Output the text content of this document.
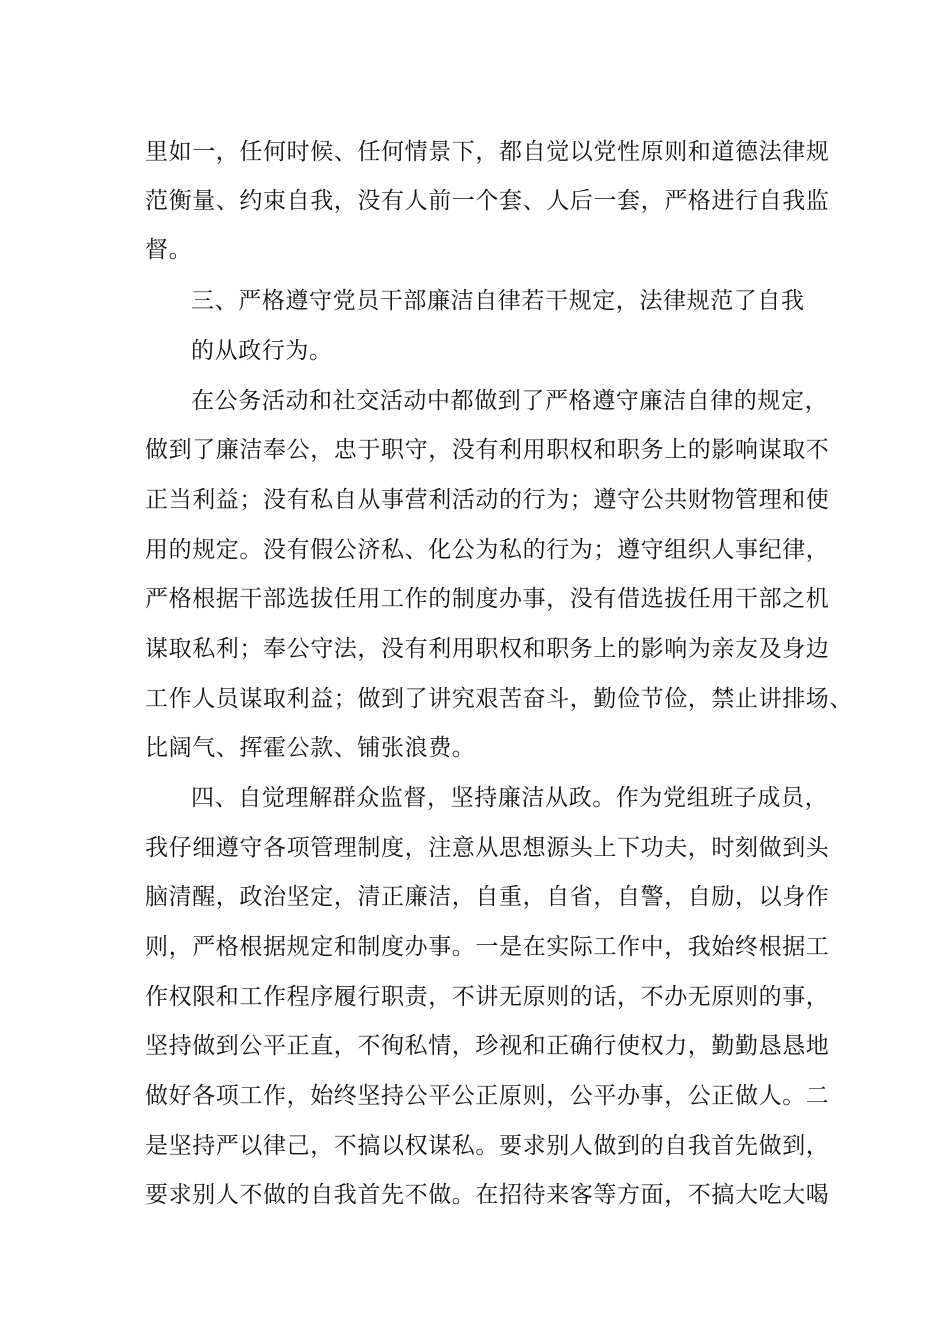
里如一，任何时候、任何情景下，都自觉以党性原则和道德法律规

范衡量、约束自我，没有人前一个套、人后一套，严格进行自我监

督。

三、严格遵守党员干部廉洁自律若干规定，法律规范了自我

的从政行为。

在公务活动和社交活动中都做到了严格遵守廉洁自律的规定，

做到了廉洁奉公，忠于职守，没有利用职权和职务上的影响谋取不

正当利益；没有私自从事营利活动的行为；遵守公共财物管理和使

用的规定。没有假公济私、化公为私的行为；遵守组织人事纪律，

严格根据干部选拔任用工作的制度办事，没有借选拔任用干部之机

谋取私利；奉公守法，没有利用职权和职务上的影响为亲友及身边

工作人员谋取利益；做到了讲究艰苦奋斗，勤俭节俭，禁止讲排场、

比阔气、挥霍公款、铺张浪费。

四、自觉理解群众监督，坚持廉洁从政。作为党组班子成员，

我仔细遵守各项管理制度，注意从思想源头上下功夫，时刻做到头

脑清醒，政治坚定，清正廉洁，自重，自省，自警，自励，以身作

则，严格根据规定和制度办事。一是在实际工作中，我始终根据工

作权限和工作程序履行职责，不讲无原则的话，不办无原则的事，

坚持做到公平正直，不徇私情，珍视和正确行使权力，勤勤恳恳地

做好各项工作，始终坚持公平公正原则，公平办事，公正做人。二

是坚持严以律己，不搞以权谋私。要求别人做到的自我首先做到，

要求别人不做的自我首先不做。在招待来客等方面，不搞大吃大喝
